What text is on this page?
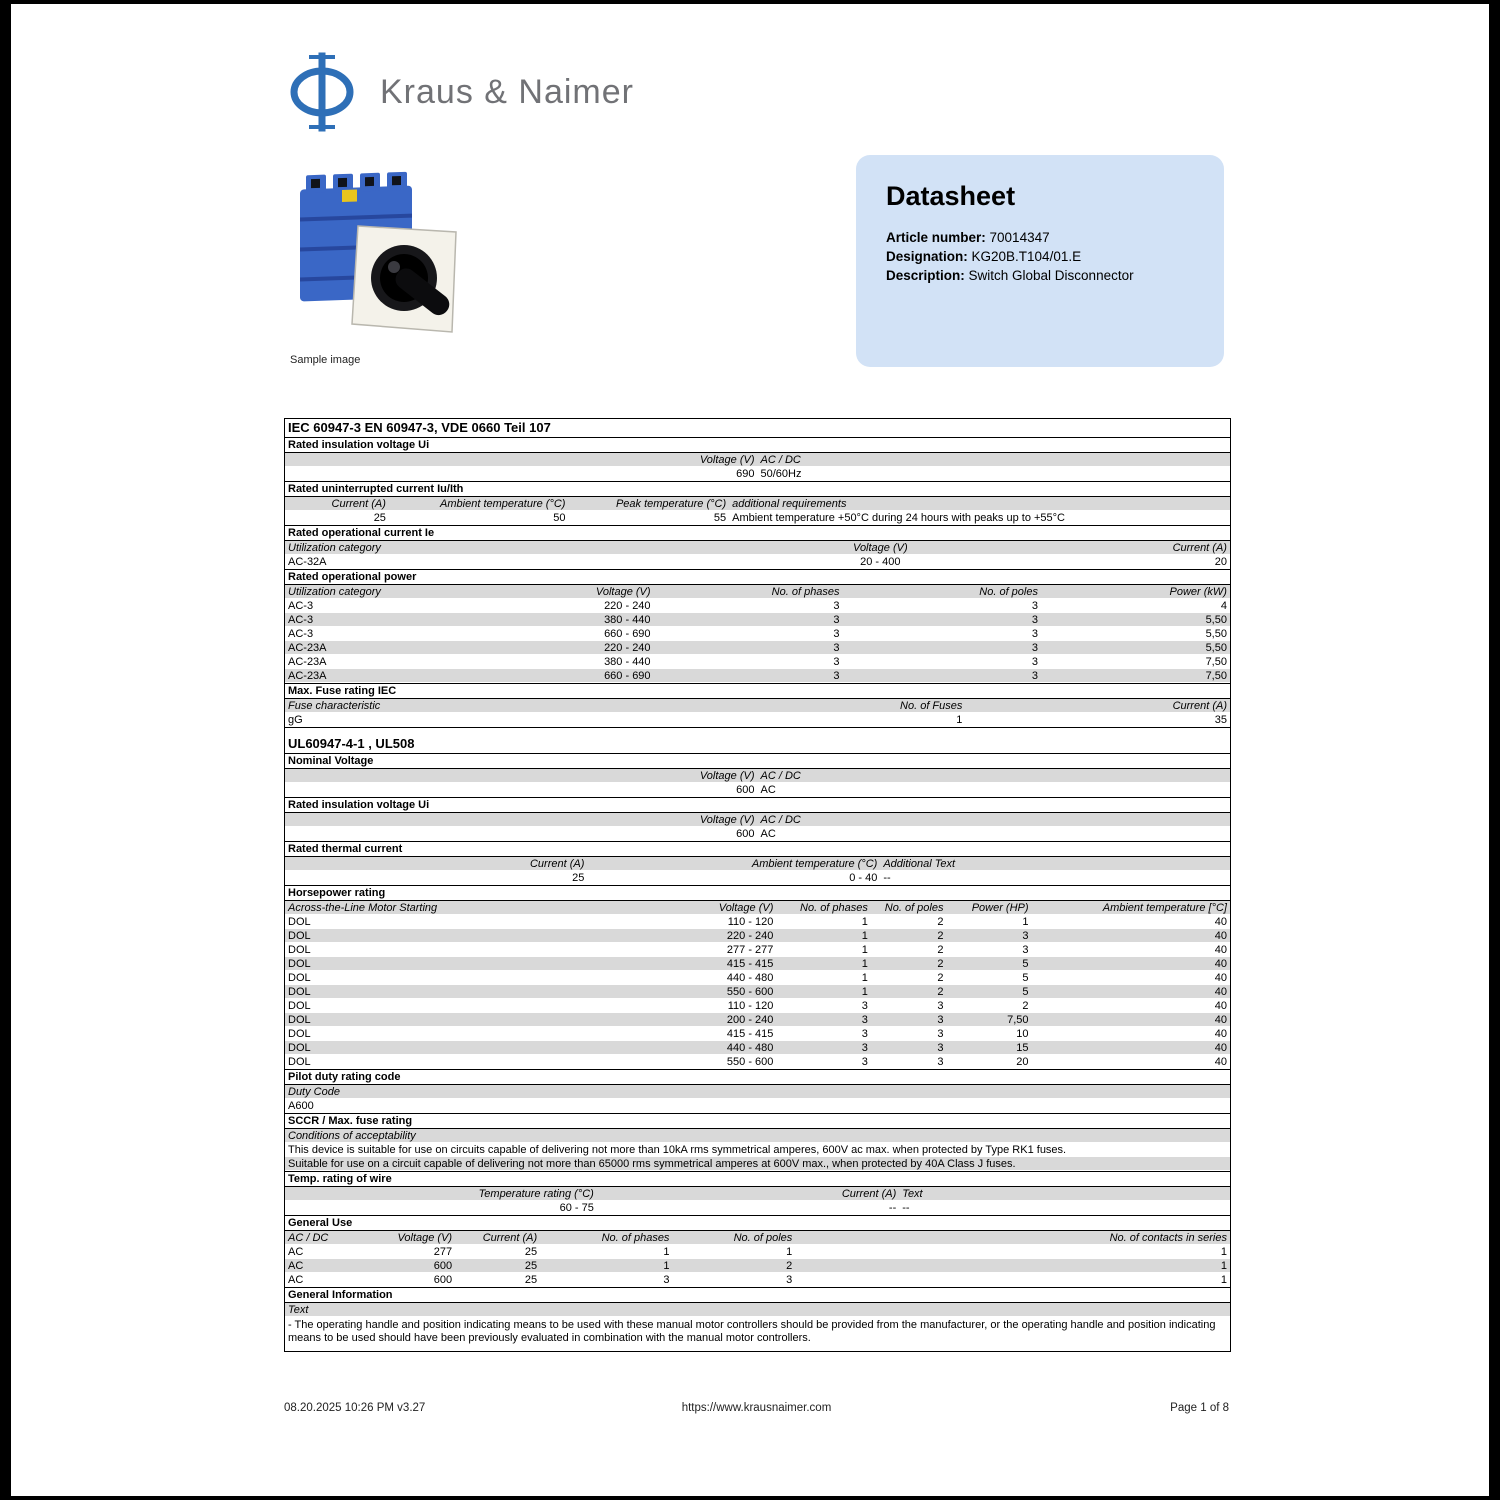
Kraus & Naimer
Sample image
Datasheet
Article number: 70014347
Designation: KG20B.T104/01.E
Description: Switch Global Disconnector
IEC 60947-3 EN 60947-3, VDE 0660 Teil 107
Rated insulation voltage Ui
Voltage (V) AC / DC
690 50/60Hz
Rated uninterrupted current Iu/Ith
Current (A)	Ambient temperature (°C)	Peak temperature (°C) additional requirements
25	50	55 Ambient temperature +50°C during 24 hours with peaks up to +55°C
Rated operational current Ie
Utilization category	Voltage (V)	Current (A)
AC-32A	20 - 400	20
Rated operational power
Utilization category	Voltage (V)	No. of phases	No. of poles	Power (kW)
AC-3	220 - 240	3	3	4
AC-3	380 - 440	3	3	5,50
AC-3	660 - 690	3	3	5,50
AC-23A	220 - 240	3	3	5,50
AC-23A	380 - 440	3	3	7,50
AC-23A	660 - 690	3	3	7,50
Max. Fuse rating IEC
Fuse characteristic	No. of Fuses	Current (A)
gG	1	35
UL60947-4-1 , UL508
Nominal Voltage
Voltage (V) AC / DC
600 AC
Rated insulation voltage Ui
Voltage (V) AC / DC
600 AC
Rated thermal current
Current (A)	Ambient temperature (°C) Additional Text
25	0 - 40 --
Horsepower rating
Across-the-Line Motor Starting	Voltage (V)	No. of phases	No. of poles	Power (HP)	Ambient temperature [°C]
DOL	110 - 120	1	2	1	40
DOL	220 - 240	1	2	3	40
DOL	277 - 277	1	2	3	40
DOL	415 - 415	1	2	5	40
DOL	440 - 480	1	2	5	40
DOL	550 - 600	1	2	5	40
DOL	110 - 120	3	3	2	40
DOL	200 - 240	3	3	7,50	40
DOL	415 - 415	3	3	10	40
DOL	440 - 480	3	3	15	40
DOL	550 - 600	3	3	20	40
Pilot duty rating code
Duty Code
A600
SCCR / Max. fuse rating
Conditions of acceptability
This device is suitable for use on circuits capable of delivering not more than 10kA rms symmetrical amperes, 600V ac max. when protected by Type RK1 fuses.
Suitable for use on a circuit capable of delivering not more than 65000 rms symmetrical amperes at 600V max., when protected by 40A Class J fuses.
Temp. rating of wire
Temperature rating (°C)	Current (A) Text
60 - 75	-- --
General Use
AC / DC	Voltage (V)	Current (A)	No. of phases	No. of poles	No. of contacts in series
AC	277	25	1	1	1
AC	600	25	1	2	1
AC	600	25	3	3	1
General Information
Text
- The operating handle and position indicating means to be used with these manual motor controllers should be provided from the manufacturer, or the operating handle and position indicating means to be used should have been previously evaluated in combination with the manual motor controllers.
08.20.2025 10:26 PM v3.27	https://www.krausnaimer.com	Page 1 of 8
